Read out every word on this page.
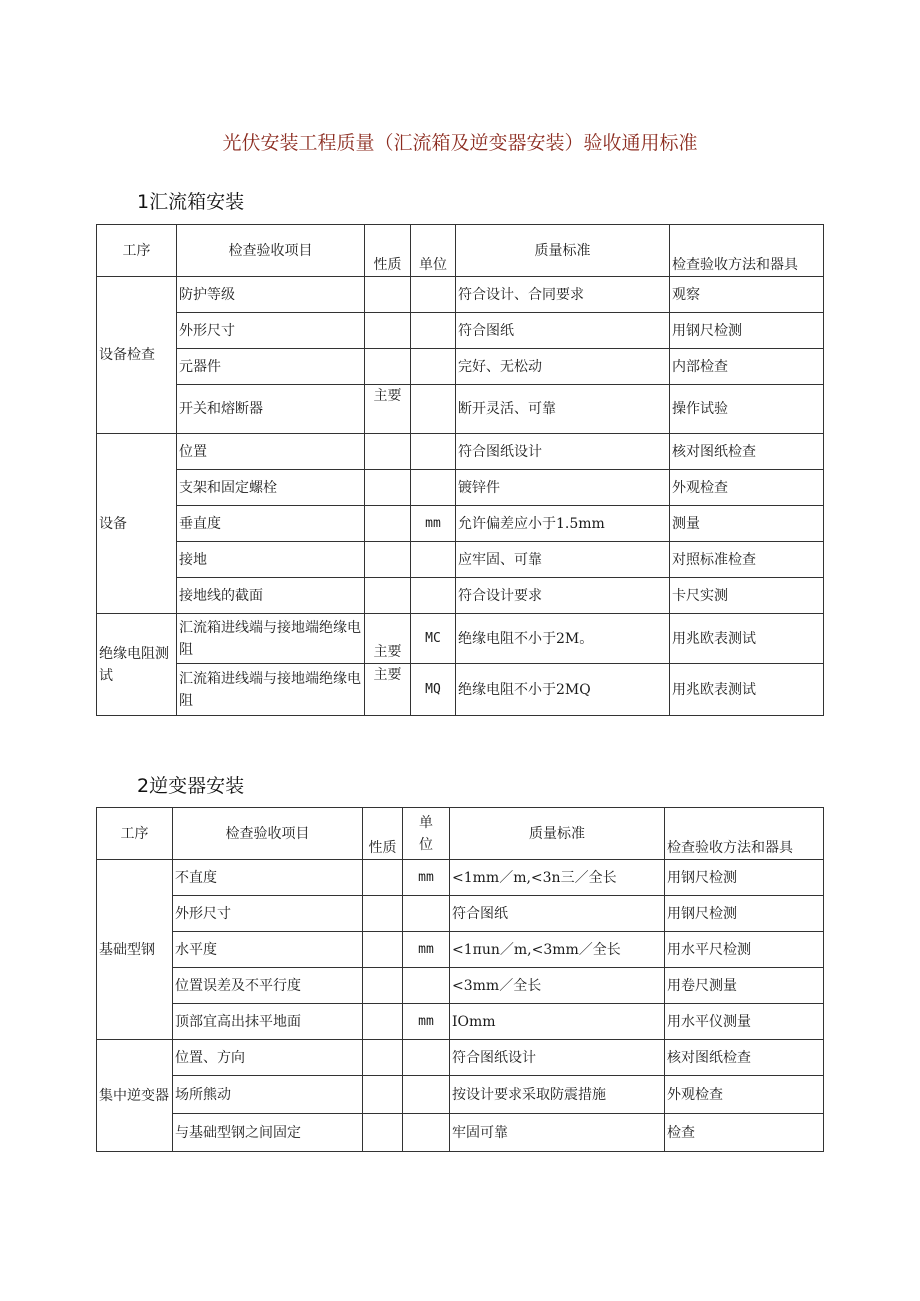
光伏安装工程质量（汇流箱及逆变器安装）验收通用标准
1汇流箱安装
工序	检查验收项目	性质	单位	质量标准	检查验收方法和器具
设备检查	防护等级			符合设计、合同要求	观察
	外形尺寸			符合图纸	用钢尺检测
	元器件			完好、无松动	内部检查
	开关和熔断器	主要		断开灵活、可靠	操作试验
设备	位置			符合图纸设计	核对图纸检查
	支架和固定螺栓			镀锌件	外观检查
	垂直度		mm	允许偏差应小于1.5mm	测量
	接地			应牢固、可靠	对照标准检查
	接地线的截面			符合设计要求	卡尺实测
绝缘电阻测试	汇流箱进线端与接地端绝缘电阻	主要	MC	绝缘电阻不小于2M。	用兆欧表测试
	汇流箱进线端与接地端绝缘电阻	主要	MQ	绝缘电阻不小于2MQ	用兆欧表测试
2逆变器安装
工序	检查验收项目	性质	单位	质量标准	检查验收方法和器具
基础型钢	不直度		mm	<1mm／m,<3n三／全长	用钢尺检测
	外形尺寸			符合图纸	用钢尺检测
	水平度		mm	<1πun／m,<3mm／全长	用水平尺检测
	位置误差及不平行度			<3mm／全长	用卷尺测量
	顶部宜高出抹平地面		mm	IOmm	用水平仪测量
集中逆变器	位置、方向			符合图纸设计	核对图纸检查
	场所熊动			按设计要求采取防震措施	外观检查
	与基础型钢之间固定			牢固可靠	检查
